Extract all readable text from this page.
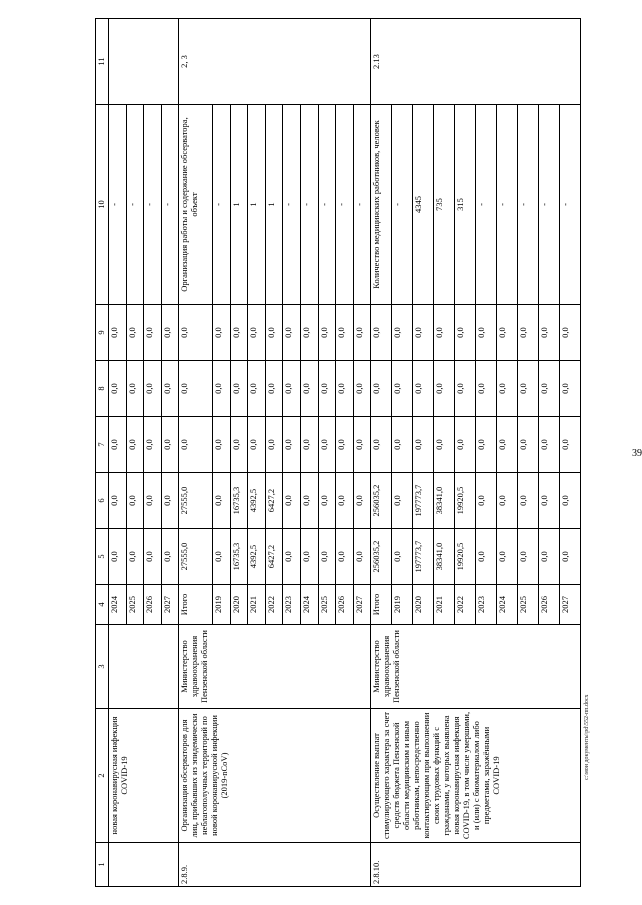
39
1	2	3	4	5	6	7	8	9	10	11
	новая коронавирусная инфекция COVID-19		2024	0,0	0,0	0,0	0,0	0,0	-	
			2025	0,0	0,0	0,0	0,0	0,0	-	
			2026	0,0	0,0	0,0	0,0	0,0	-	
			2027	0,0	0,0	0,0	0,0	0,0	-	
2.8.9.	Организация обсерваторов для лиц, прибывших из эпидемически неблагополучных территорий по новой коронавирусной инфекции (2019-nCoV)	Министерство здравоохранения Пензенской области	Итого	27555,0	27555,0	0,0	0,0	0,0	Организация работы и содержание обсерватора, объект	2, 3
			2019	0,0	0,0	0,0	0,0	0,0	-	
			2020	16735,3	16735,3	0,0	0,0	0,0	1	
			2021	4392,5	4392,5	0,0	0,0	0,0	1	
			2022	6427,2	6427,2	0,0	0,0	0,0	1	
			2023	0,0	0,0	0,0	0,0	0,0	-	
			2024	0,0	0,0	0,0	0,0	0,0	-	
			2025	0,0	0,0	0,0	0,0	0,0	-	
			2026	0,0	0,0	0,0	0,0	0,0	-	
			2027	0,0	0,0	0,0	0,0	0,0	-	
2.8.10.	Осуществление выплат стимулирующего характера за счет средств бюджета Пензенской области медицинским и иным работникам, непосредственно контактирующим при выполнении своих трудовых функций с гражданами, у которых выявлена новая коронавирусная инфекция COVID-19, в том числе умершими, и (или) с биоматериалом либо предметами, заражёнными COVID-19	Министерство здравоохранения Пензенской области	Итого	256035,2	256035,2	0,0	0,0	0,0	Количество медицинских работников, человек	2.13
			2019	0,0	0,0	0,0	0,0	0,0	-	
			2020	197773,7	197773,7	0,0	0,0	0,0	4345	
			2021	38341,0	38341,0	0,0	0,0	0,0	735	
			2022	19920,5	19920,5	0,0	0,0	0,0	315	
			2023	0,0	0,0	0,0	0,0	0,0	-	
			2024	0,0	0,0	0,0	0,0	0,0	-	
			2025	0,0	0,0	0,0	0,0	0,0	-	
			2026	0,0	0,0	0,0	0,0	0,0	-	
			2027	0,0	0,0	0,0	0,0	0,0	-	
c:\мои документы\pd\552-пп.docx
